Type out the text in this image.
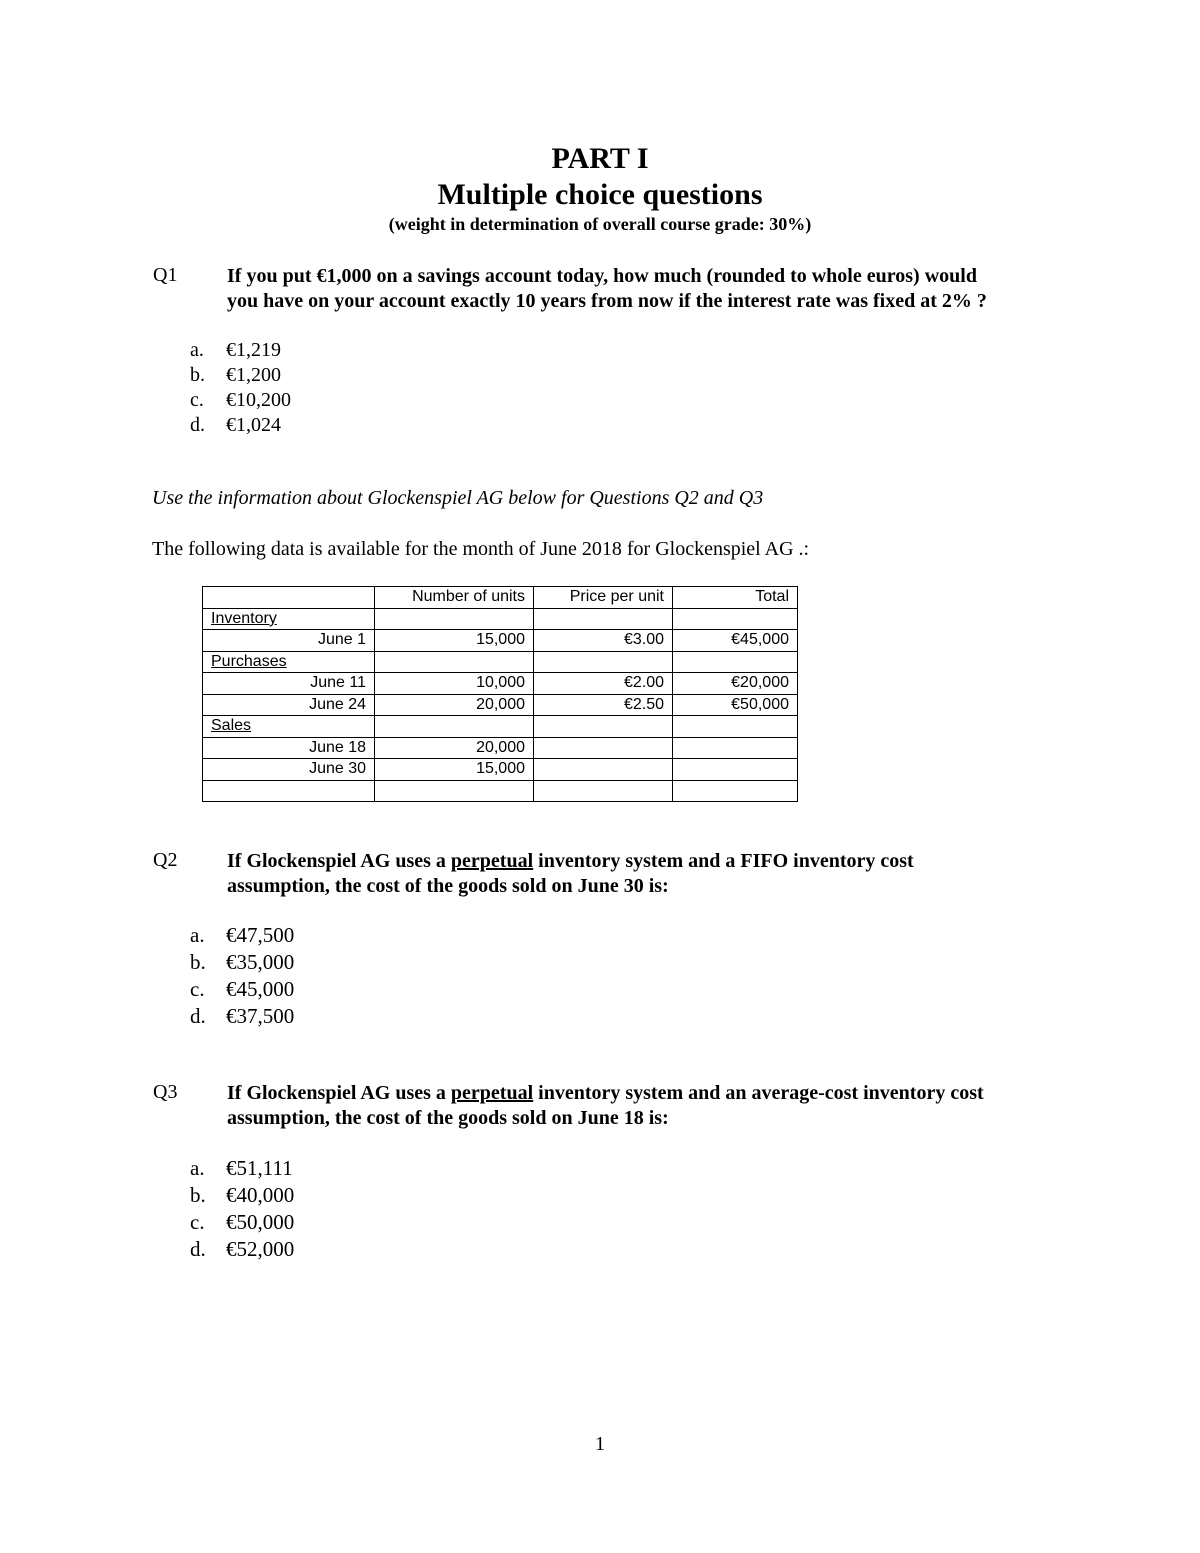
PART I
Multiple choice questions
(weight in determination of overall course grade: 30%)
Q1 If you put €1,000 on a savings account today, how much (rounded to whole euros) would
you have on your account exactly 10 years from now if the interest rate was fixed at 2% ?
a. €1,219
b. €1,200
c. €10,200
d. €1,024
Use the information about Glockenspiel AG below for Questions Q2 and Q3
The following data is available for the month of June 2018 for Glockenspiel AG .:
	Number of units	Price per unit	Total
Inventory			
June 1	15,000	€3.00	€45,000
Purchases			
June 11	10,000	€2.00	€20,000
June 24	20,000	€2.50	€50,000
Sales			
June 18	20,000		
June 30	15,000		

Q2 If Glockenspiel AG uses a perpetual inventory system and a FIFO inventory cost
assumption, the cost of the goods sold on June 30 is:
a. €47,500
b. €35,000
c. €45,000
d. €37,500
Q3 If Glockenspiel AG uses a perpetual inventory system and an average-cost inventory cost
assumption, the cost of the goods sold on June 18 is:
a. €51,111
b. €40,000
c. €50,000
d. €52,000
1
